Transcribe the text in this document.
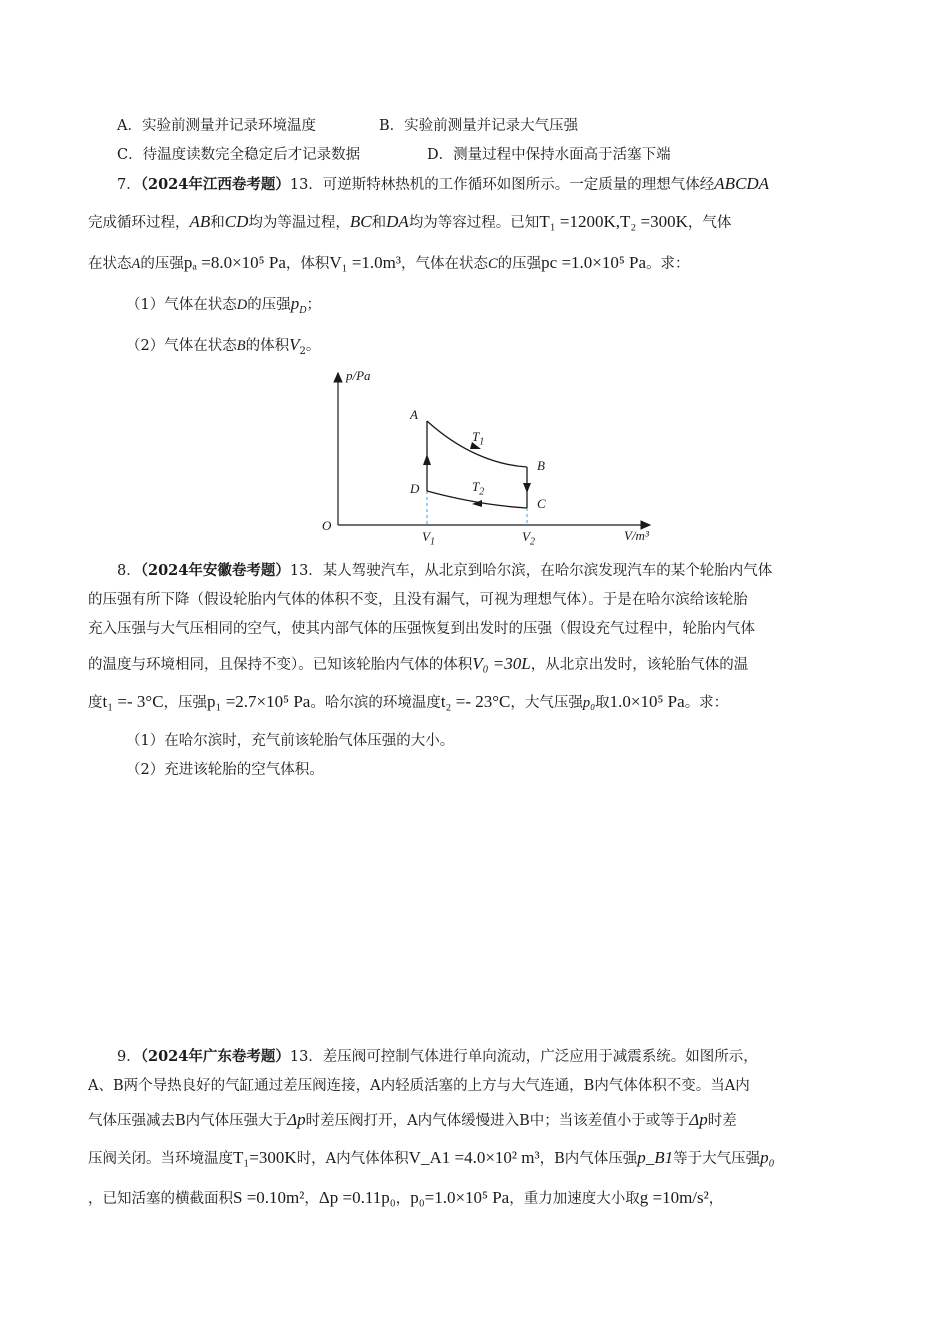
A．实验前测量并记录环境温度	B．实验前测量并记录大气压强
C．待温度读数完全稳定后才记录数据	D．测量过程中保持水面高于活塞下端
7．（2024年江西卷考题）13．可逆斯特林热机的工作循环如图所示。一定质量的理想气体经ABCDA
完成循环过程，AB和CD均为等温过程，BC和DA均为等容过程。已知T₁ =1200K,T₂ =300K，气体
在状态A的压强pₐ =8.0×10⁵ Pa，体积V₁ =1.0m³，气体在状态C的压强pc =1.0×10⁵ Pa。求：
（1）气体在状态D的压强$p_D$；
（2）气体在状态B的体积$V_2$。
p/Pa
V/m³
O
A
B
C
D
$T_1$
$T_2$
$V_1$	$V_2$
8．（2024年安徽卷考题）13．某人驾驶汽车，从北京到哈尔滨，在哈尔滨发现汽车的某个轮胎内气体
的压强有所下降（假设轮胎内气体的体积不变，且没有漏气，可视为理想气体）。于是在哈尔滨给该轮胎
充入压强与大气压相同的空气，使其内部气体的压强恢复到出发时的压强（假设充气过程中，轮胎内气体
的温度与环境相同，且保持不变）。已知该轮胎内气体的体积V₀ =30L，从北京出发时，该轮胎气体的温
度t₁ =- 3°C，压强p₁ =2.7×10⁵ Pa。哈尔滨的环境温度t₂ =- 23°C，大气压强p₀取1.0×10⁵ Pa。求：
（1）在哈尔滨时，充气前该轮胎气体压强的大小。
（2）充进该轮胎的空气体积。
9．（2024年广东卷考题）13．差压阀可控制气体进行单向流动，广泛应用于减震系统。如图所示，
A、B两个导热良好的气缸通过差压阀连接，A内轻质活塞的上方与大气连通，B内气体体积不变。当A内
气体压强减去B内气体压强大于Δp时差压阀打开，A内气体缓慢进入B中；当该差值小于或等于Δp时差
压阀关闭。当环境温度T₁=300K时，A内气体体积V_A1 =4.0×10² m³，B内气体压强p_B1等于大气压强p₀
，已知活塞的横截面积S =0.10m²，Δp =0.11p₀，p₀=1.0×10⁵ Pa，重力加速度大小取g =10m/s²，
